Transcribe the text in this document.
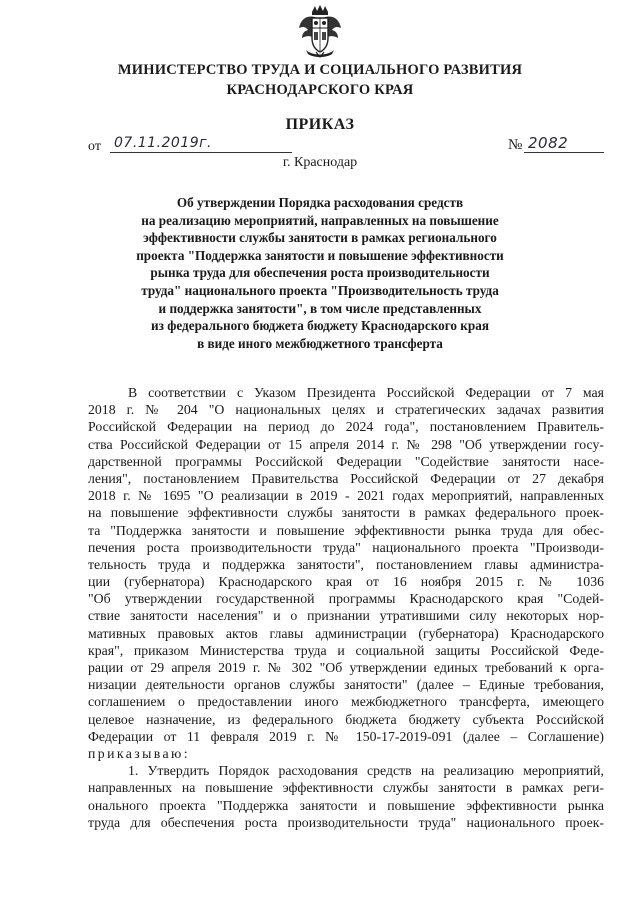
МИНИСТЕРСТВО ТРУДА И СОЦИАЛЬНОГО РАЗВИТИЯ
КРАСНОДАРСКОГО КРАЯ
ПРИКАЗ
от 07.11.2019г.	№ 2082
г. Краснодар
Об утверждении Порядка расходования средств
на реализацию мероприятий, направленных на повышение
эффективности службы занятости в рамках регионального
проекта "Поддержка занятости и повышение эффективности
рынка труда для обеспечения роста производительности
труда" национального проекта "Производительность труда
и поддержка занятости", в том числе представленных
из федерального бюджета бюджету Краснодарского края
в виде иного межбюджетного трансферта
В соответствии с Указом Президента Российской Федерации от 7 мая
2018 г. № 204 "О национальных целях и стратегических задачах развития
Российской Федерации на период до 2024 года", постановлением Правитель-
ства Российской Федерации от 15 апреля 2014 г. № 298 "Об утверждении госу-
дарственной программы Российской Федерации "Содействие занятости насе-
ления", постановлением Правительства Российской Федерации от 27 декабря
2018 г. № 1695 "О реализации в 2019 - 2021 годах мероприятий, направленных
на повышение эффективности службы занятости в рамках федерального проек-
та "Поддержка занятости и повышение эффективности рынка труда для обес-
печения роста производительности труда" национального проекта "Производи-
тельность труда и поддержка занятости", постановлением главы администра-
ции (губернатора) Краснодарского края от 16 ноября 2015 г. № 1036
"Об утверждении государственной программы Краснодарского края "Содей-
ствие занятости населения" и о признании утратившими силу некоторых нор-
мативных правовых актов главы администрации (губернатора) Краснодарского
края", приказом Министерства труда и социальной защиты Российской Феде-
рации от 29 апреля 2019 г. № 302 "Об утверждении единых требований к орга-
низации деятельности органов службы занятости" (далее – Единые требования,
соглашением о предоставлении иного межбюджетного трансферта, имеющего
целевое назначение, из федерального бюджета бюджету субъекта Российской
Федерации от 11 февраля 2019 г. № 150-17-2019-091 (далее – Соглашение)
приказываю:
1. Утвердить Порядок расходования средств на реализацию мероприятий,
направленных на повышение эффективности службы занятости в рамках реги-
онального проекта "Поддержка занятости и повышение эффективности рынка
труда для обеспечения роста производительности труда" национального проек-
